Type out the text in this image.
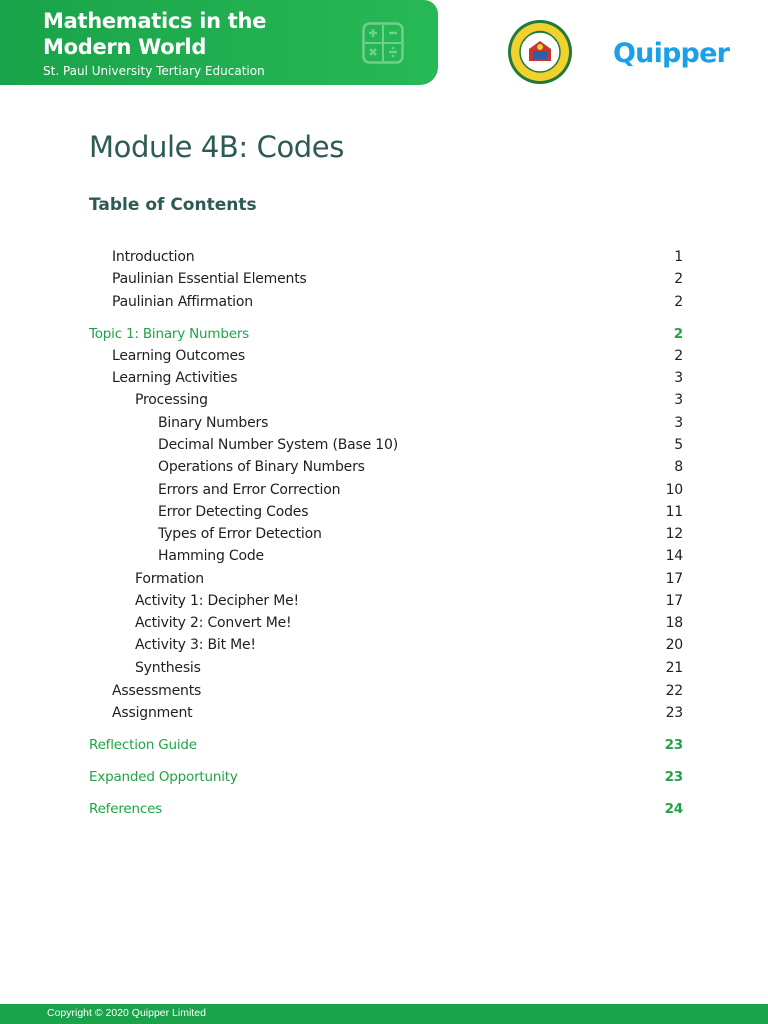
Mathematics in the
Modern World
St. Paul University Tertiary Education
Quipper
Module 4B: Codes
Table of Contents
Introduction	1
Paulinian Essential Elements	2
Paulinian Affirmation	2
Topic 1: Binary Numbers	2
Learning Outcomes	2
Learning Activities	3
Processing	3
Binary Numbers	3
Decimal Number System (Base 10)	5
Operations of Binary Numbers	8
Errors and Error Correction	10
Error Detecting Codes	11
Types of Error Detection	12
Hamming Code	14
Formation	17
Activity 1: Decipher Me!	17
Activity 2: Convert Me!	18
Activity 3: Bit Me!	20
Synthesis	21
Assessments	22
Assignment	23
Reflection Guide	23
Expanded Opportunity	23
References	24
Copyright © 2020 Quipper Limited
